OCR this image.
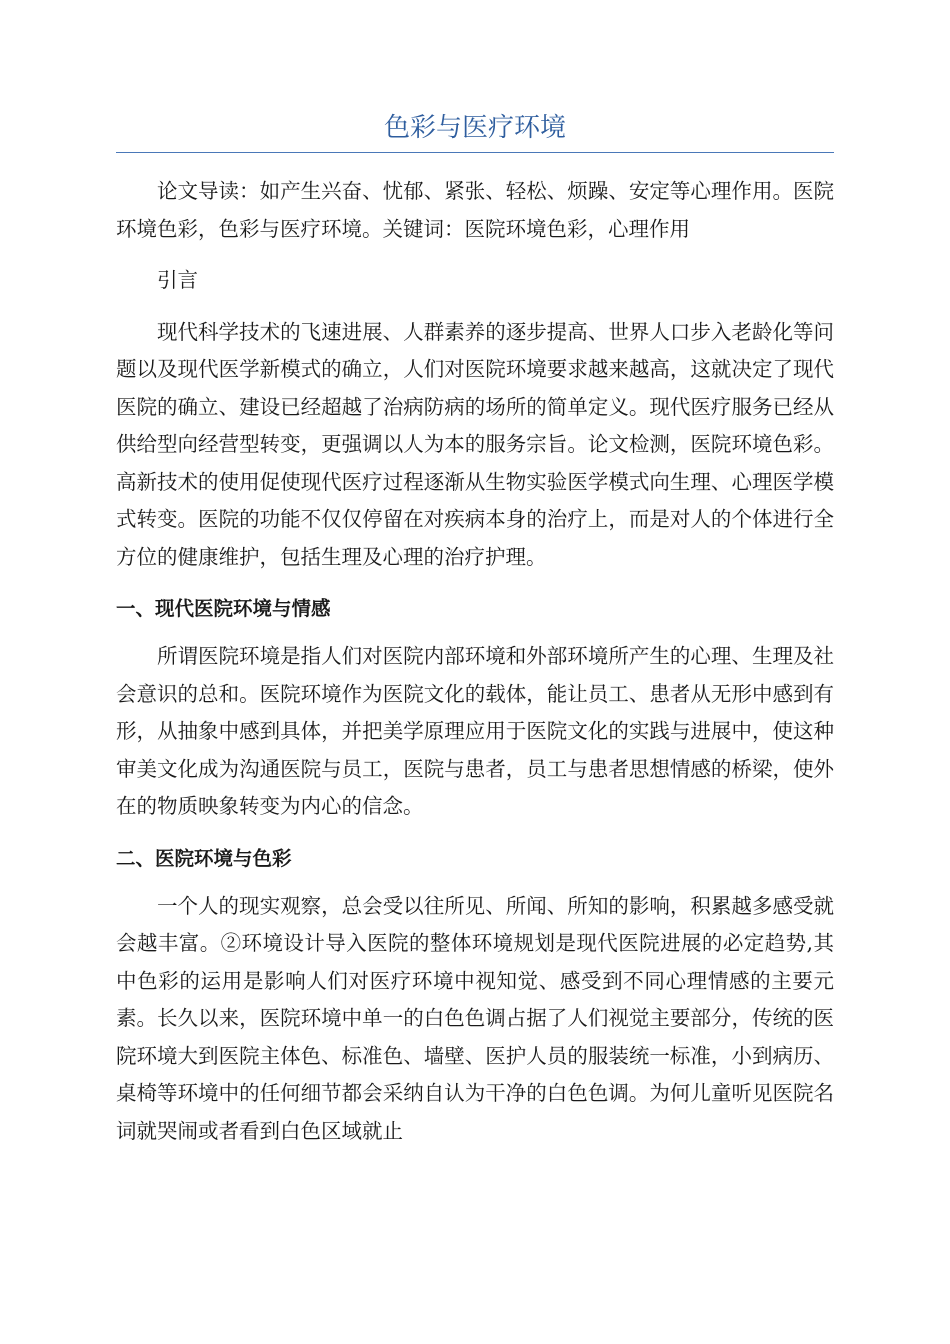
色彩与医疗环境

论文导读：如产生兴奋、忧郁、紧张、轻松、烦躁、安定等心理作用。医院环境色彩，色彩与医疗环境。关键词：医院环境色彩，心理作用

引言

现代科学技术的飞速进展、人群素养的逐步提高、世界人口步入老龄化等问题以及现代医学新模式的确立，人们对医院环境要求越来越高，这就决定了现代医院的确立、建设已经超越了治病防病的场所的简单定义。现代医疗服务已经从供给型向经营型转变，更强调以人为本的服务宗旨。论文检测，医院环境色彩。高新技术的使用促使现代医疗过程逐渐从生物实验医学模式向生理、心理医学模式转变。医院的功能不仅仅停留在对疾病本身的治疗上，而是对人的个体进行全方位的健康维护，包括生理及心理的治疗护理。

一、现代医院环境与情感

所谓医院环境是指人们对医院内部环境和外部环境所产生的心理、生理及社会意识的总和。医院环境作为医院文化的载体，能让员工、患者从无形中感到有形，从抽象中感到具体，并把美学原理应用于医院文化的实践与进展中，使这种审美文化成为沟通医院与员工，医院与患者，员工与患者思想情感的桥梁，使外在的物质映象转变为内心的信念。

二、医院环境与色彩

一个人的现实观察，总会受以往所见、所闻、所知的影响，积累越多感受就会越丰富。②环境设计导入医院的整体环境规划是现代医院进展的必定趋势,其中色彩的运用是影响人们对医疗环境中视知觉、感受到不同心理情感的主要元素。长久以来，医院环境中单一的白色色调占据了人们视觉主要部分，传统的医院环境大到医院主体色、标准色、墙壁、医护人员的服装统一标准，小到病历、桌椅等环境中的任何细节都会采纳自认为干净的白色色调。为何儿童听见医院名词就哭闹或者看到白色区域就止
